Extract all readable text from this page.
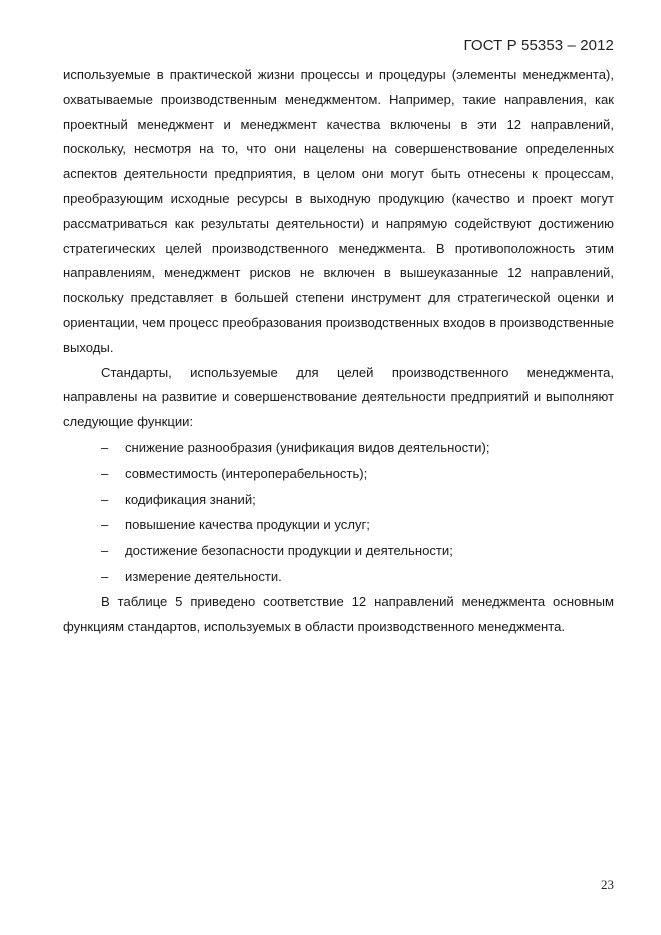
ГОСТ Р 55353 – 2012

используемые в практической жизни процессы и процедуры (элементы менеджмента), охватываемые производственным менеджментом. Например, такие направления, как проектный менеджмент и менеджмент качества включены в эти 12 направлений, поскольку, несмотря на то, что они нацелены на совершенствование определенных аспектов деятельности предприятия, в целом они могут быть отнесены к процессам, преобразующим исходные ресурсы в выходную продукцию (качество и проект могут рассматриваться как результаты деятельности) и напрямую содействуют достижению стратегических целей производственного менеджмента. В противоположность этим направлениям, менеджмент рисков не включен в вышеуказанные 12 направлений, поскольку представляет в большей степени инструмент для стратегической оценки и ориентации, чем процесс преобразования производственных входов в производственные выходы.

Стандарты, используемые для целей производственного менеджмента, направлены на развитие и совершенствование деятельности предприятий и выполняют следующие функции:

– снижение разнообразия (унификация видов деятельности);
– совместимость (интероперабельность);
– кодификация знаний;
– повышение качества продукции и услуг;
– достижение безопасности продукции и деятельности;
– измерение деятельности.

В таблице 5 приведено соответствие 12 направлений менеджмента основным функциям стандартов, используемых в области производственного менеджмента.

23
